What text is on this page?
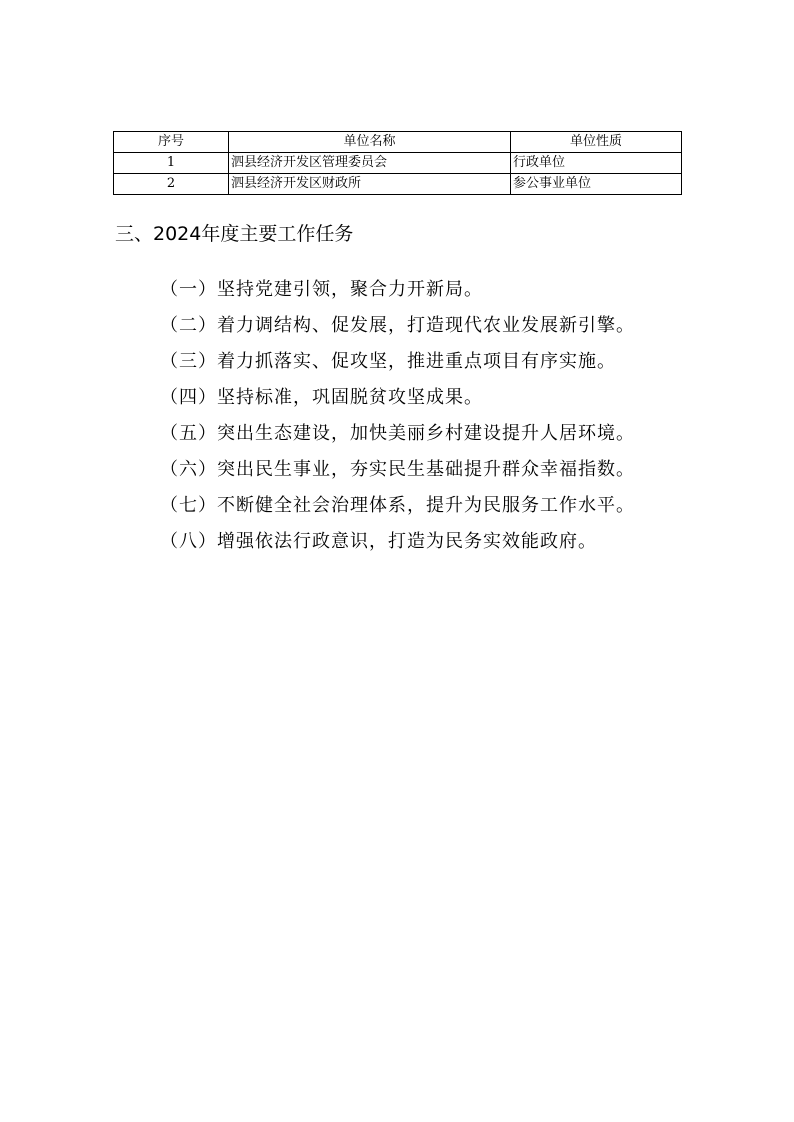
序号	单位名称	单位性质
1	泗县经济开发区管理委员会	行政单位
2	泗县经济开发区财政所	参公事业单位
三、2024年度主要工作任务
（一）坚持党建引领，聚合力开新局。
（二）着力调结构、促发展，打造现代农业发展新引擎。
（三）着力抓落实、促攻坚，推进重点项目有序实施。
（四）坚持标准，巩固脱贫攻坚成果。
（五）突出生态建设，加快美丽乡村建设提升人居环境。
（六）突出民生事业，夯实民生基础提升群众幸福指数。
（七）不断健全社会治理体系，提升为民服务工作水平。
（八）增强依法行政意识，打造为民务实效能政府。
